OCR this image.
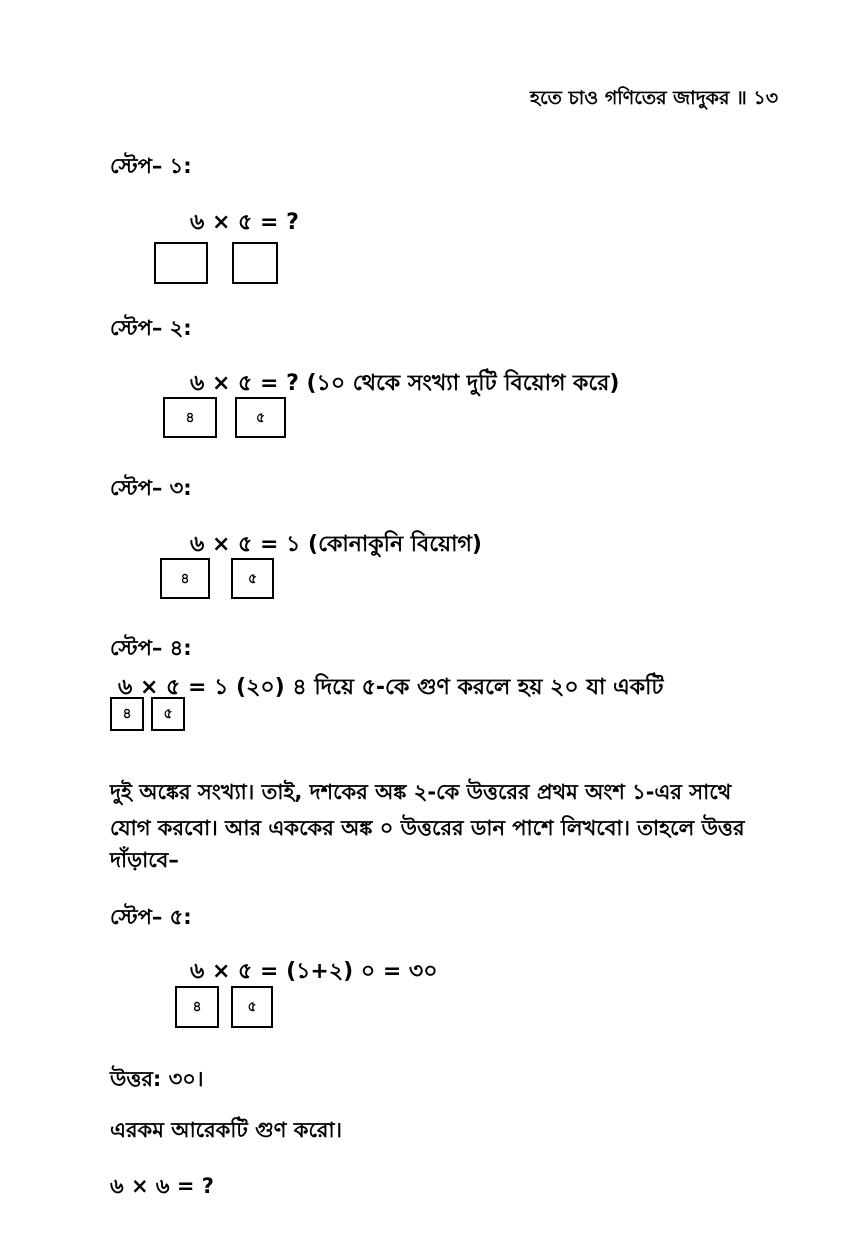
হতে চাও গণিতের জাদুকর ॥ ১৩
স্টেপ– ১:
৬ × ৫ = ?
স্টেপ– ২:
৬ × ৫ = ? (১০ থেকে সংখ্যা দুটি বিয়োগ করে)
৪	৫
স্টেপ– ৩:
৬ × ৫ = ১ (কোনাকুনি বিয়োগ)
৪	৫
স্টেপ– ৪:
৬ × ৫ = ১ (২০) ৪ দিয়ে ৫-কে গুণ করলে হয় ২০ যা একটি
৪	৫
দুই অঙ্কের সংখ্যা। তাই, দশকের অঙ্ক ২-কে উত্তরের প্রথম অংশ ১-এর সাথে
যোগ করবো। আর এককের অঙ্ক ০ উত্তরের ডান পাশে লিখবো। তাহলে উত্তর
দাঁড়াবে–
স্টেপ– ৫:
৬ × ৫ = (১+২) ০ = ৩০
৪	৫
উত্তর: ৩০।
এরকম আরেকটি গুণ করো।
৬ × ৬ = ?
